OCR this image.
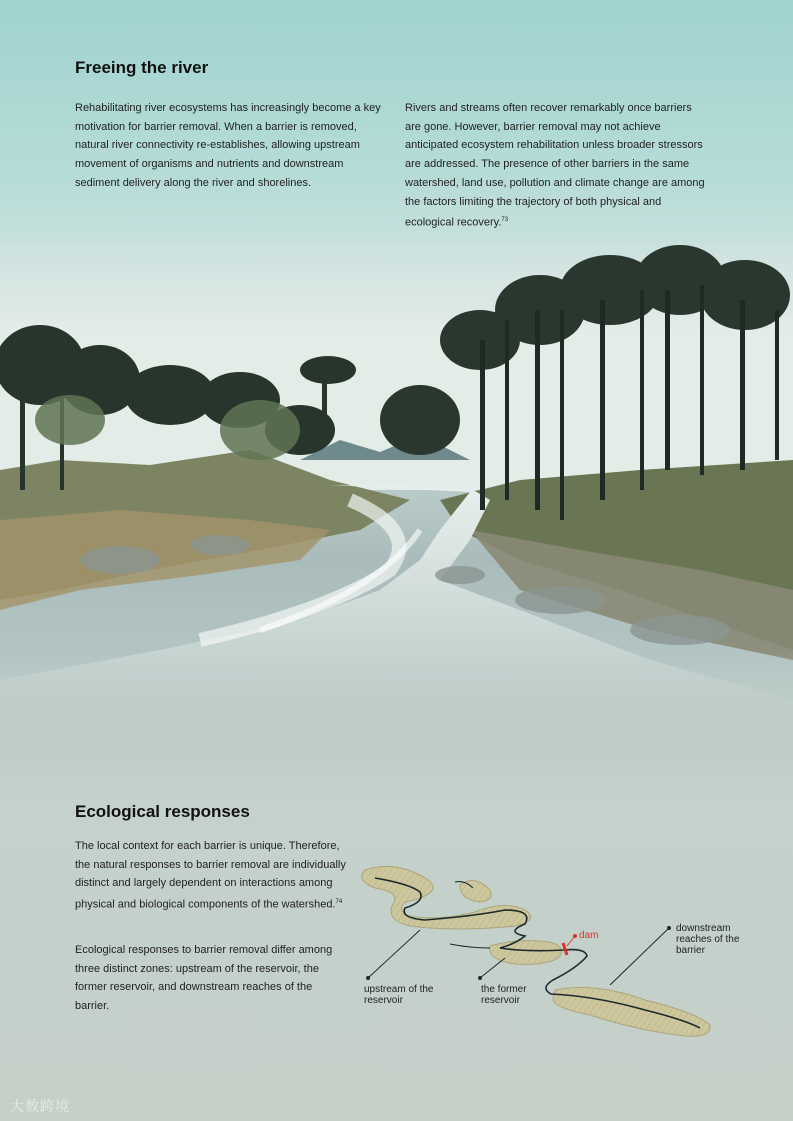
Freeing the river

Rehabilitating river ecosystems has increasingly become a key motivation for barrier removal. When a barrier is removed, natural river connectivity re-establishes, allowing upstream movement of organisms and nutrients and downstream sediment delivery along the river and shorelines.

Rivers and streams often recover remarkably once barriers are gone. However, barrier removal may not achieve anticipated ecosystem rehabilitation unless broader stressors are addressed. The presence of other barriers in the same watershed, land use, pollution and climate change are among the factors limiting the trajectory of both physical and ecological recovery.$^{73}$

Ecological responses

The local context for each barrier is unique. Therefore, the natural responses to barrier removal are individually distinct and largely dependent on interactions among physical and biological components of the watershed.$^{74}$

Ecological responses to barrier removal differ among three distinct zones: upstream of the reservoir, the former reservoir, and downstream reaches of the barrier.

upstream of the reservoir
the former reservoir
dam
downstream reaches of the barrier
大数跨境
